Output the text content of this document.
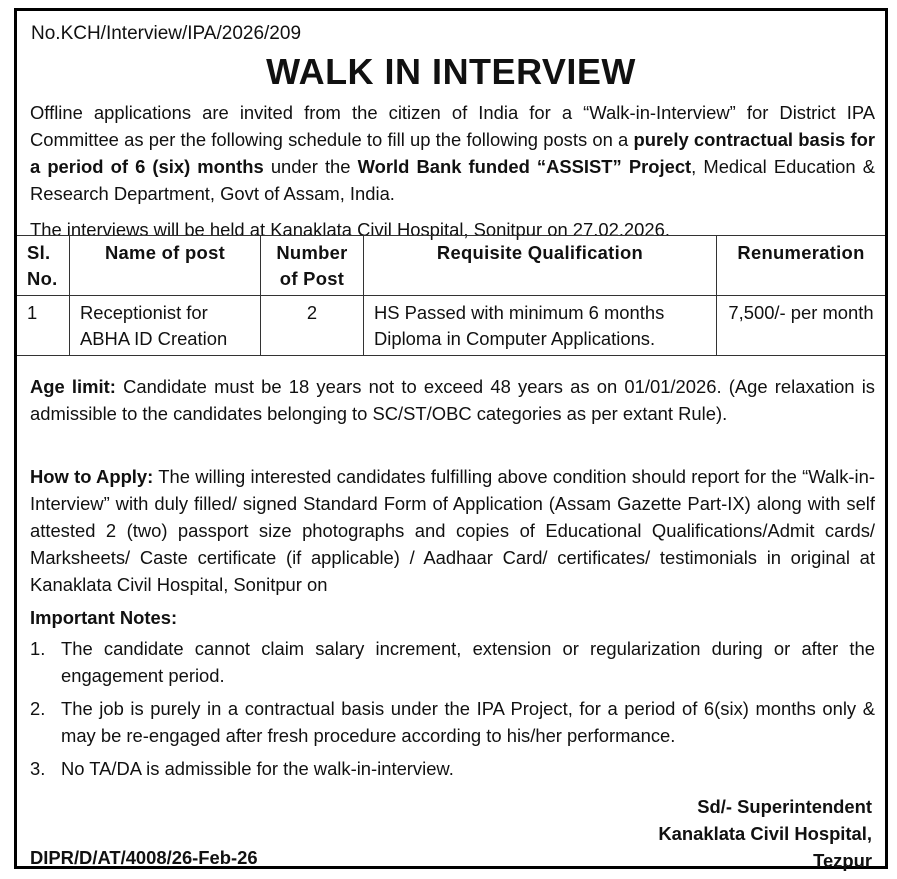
No.KCH/Interview/IPA/2026/209
WALK IN INTERVIEW
Offline applications are invited from the citizen of India for a “Walk-in-Interview” for District IPA Committee as per the following schedule to fill up the following posts on a purely contractual basis for a period of 6 (six) months under the World Bank funded “ASSIST” Project, Medical Education & Research Department, Govt of Assam, India.
The interviews will be held at Kanaklata Civil Hospital, Sonitpur on 27.02.2026.
Sl. No.	Name of post	Number of Post	Requisite Qualification	Renumeration
1	Receptionist for ABHA ID Creation	2	HS Passed with minimum 6 months Diploma in Computer Applications.	7,500/- per month
Age limit: Candidate must be 18 years not to exceed 48 years as on 01/01/2026. (Age relaxation is admissible to the candidates belonging to SC/ST/OBC categories as per extant Rule).
How to Apply: The willing interested candidates fulfilling above condition should report for the “Walk-in-Interview” with duly filled/ signed Standard Form of Application (Assam Gazette Part-IX) along with self attested 2 (two) passport size photographs and copies of Educational Qualifications/Admit cards/ Marksheets/ Caste certificate (if applicable) / Aadhaar Card/ certificates/ testimonials in original at Kanaklata Civil Hospital, Sonitpur on
Important Notes:
1. The candidate cannot claim salary increment, extension or regularization during or after the engagement period.
2. The job is purely in a contractual basis under the IPA Project, for a period of 6(six) months only & may be re-engaged after fresh procedure according to his/her performance.
3. No TA/DA is admissible for the walk-in-interview.
Sd/- Superintendent
Kanaklata Civil Hospital,
Tezpur
DIPR/D/AT/4008/26-Feb-26
